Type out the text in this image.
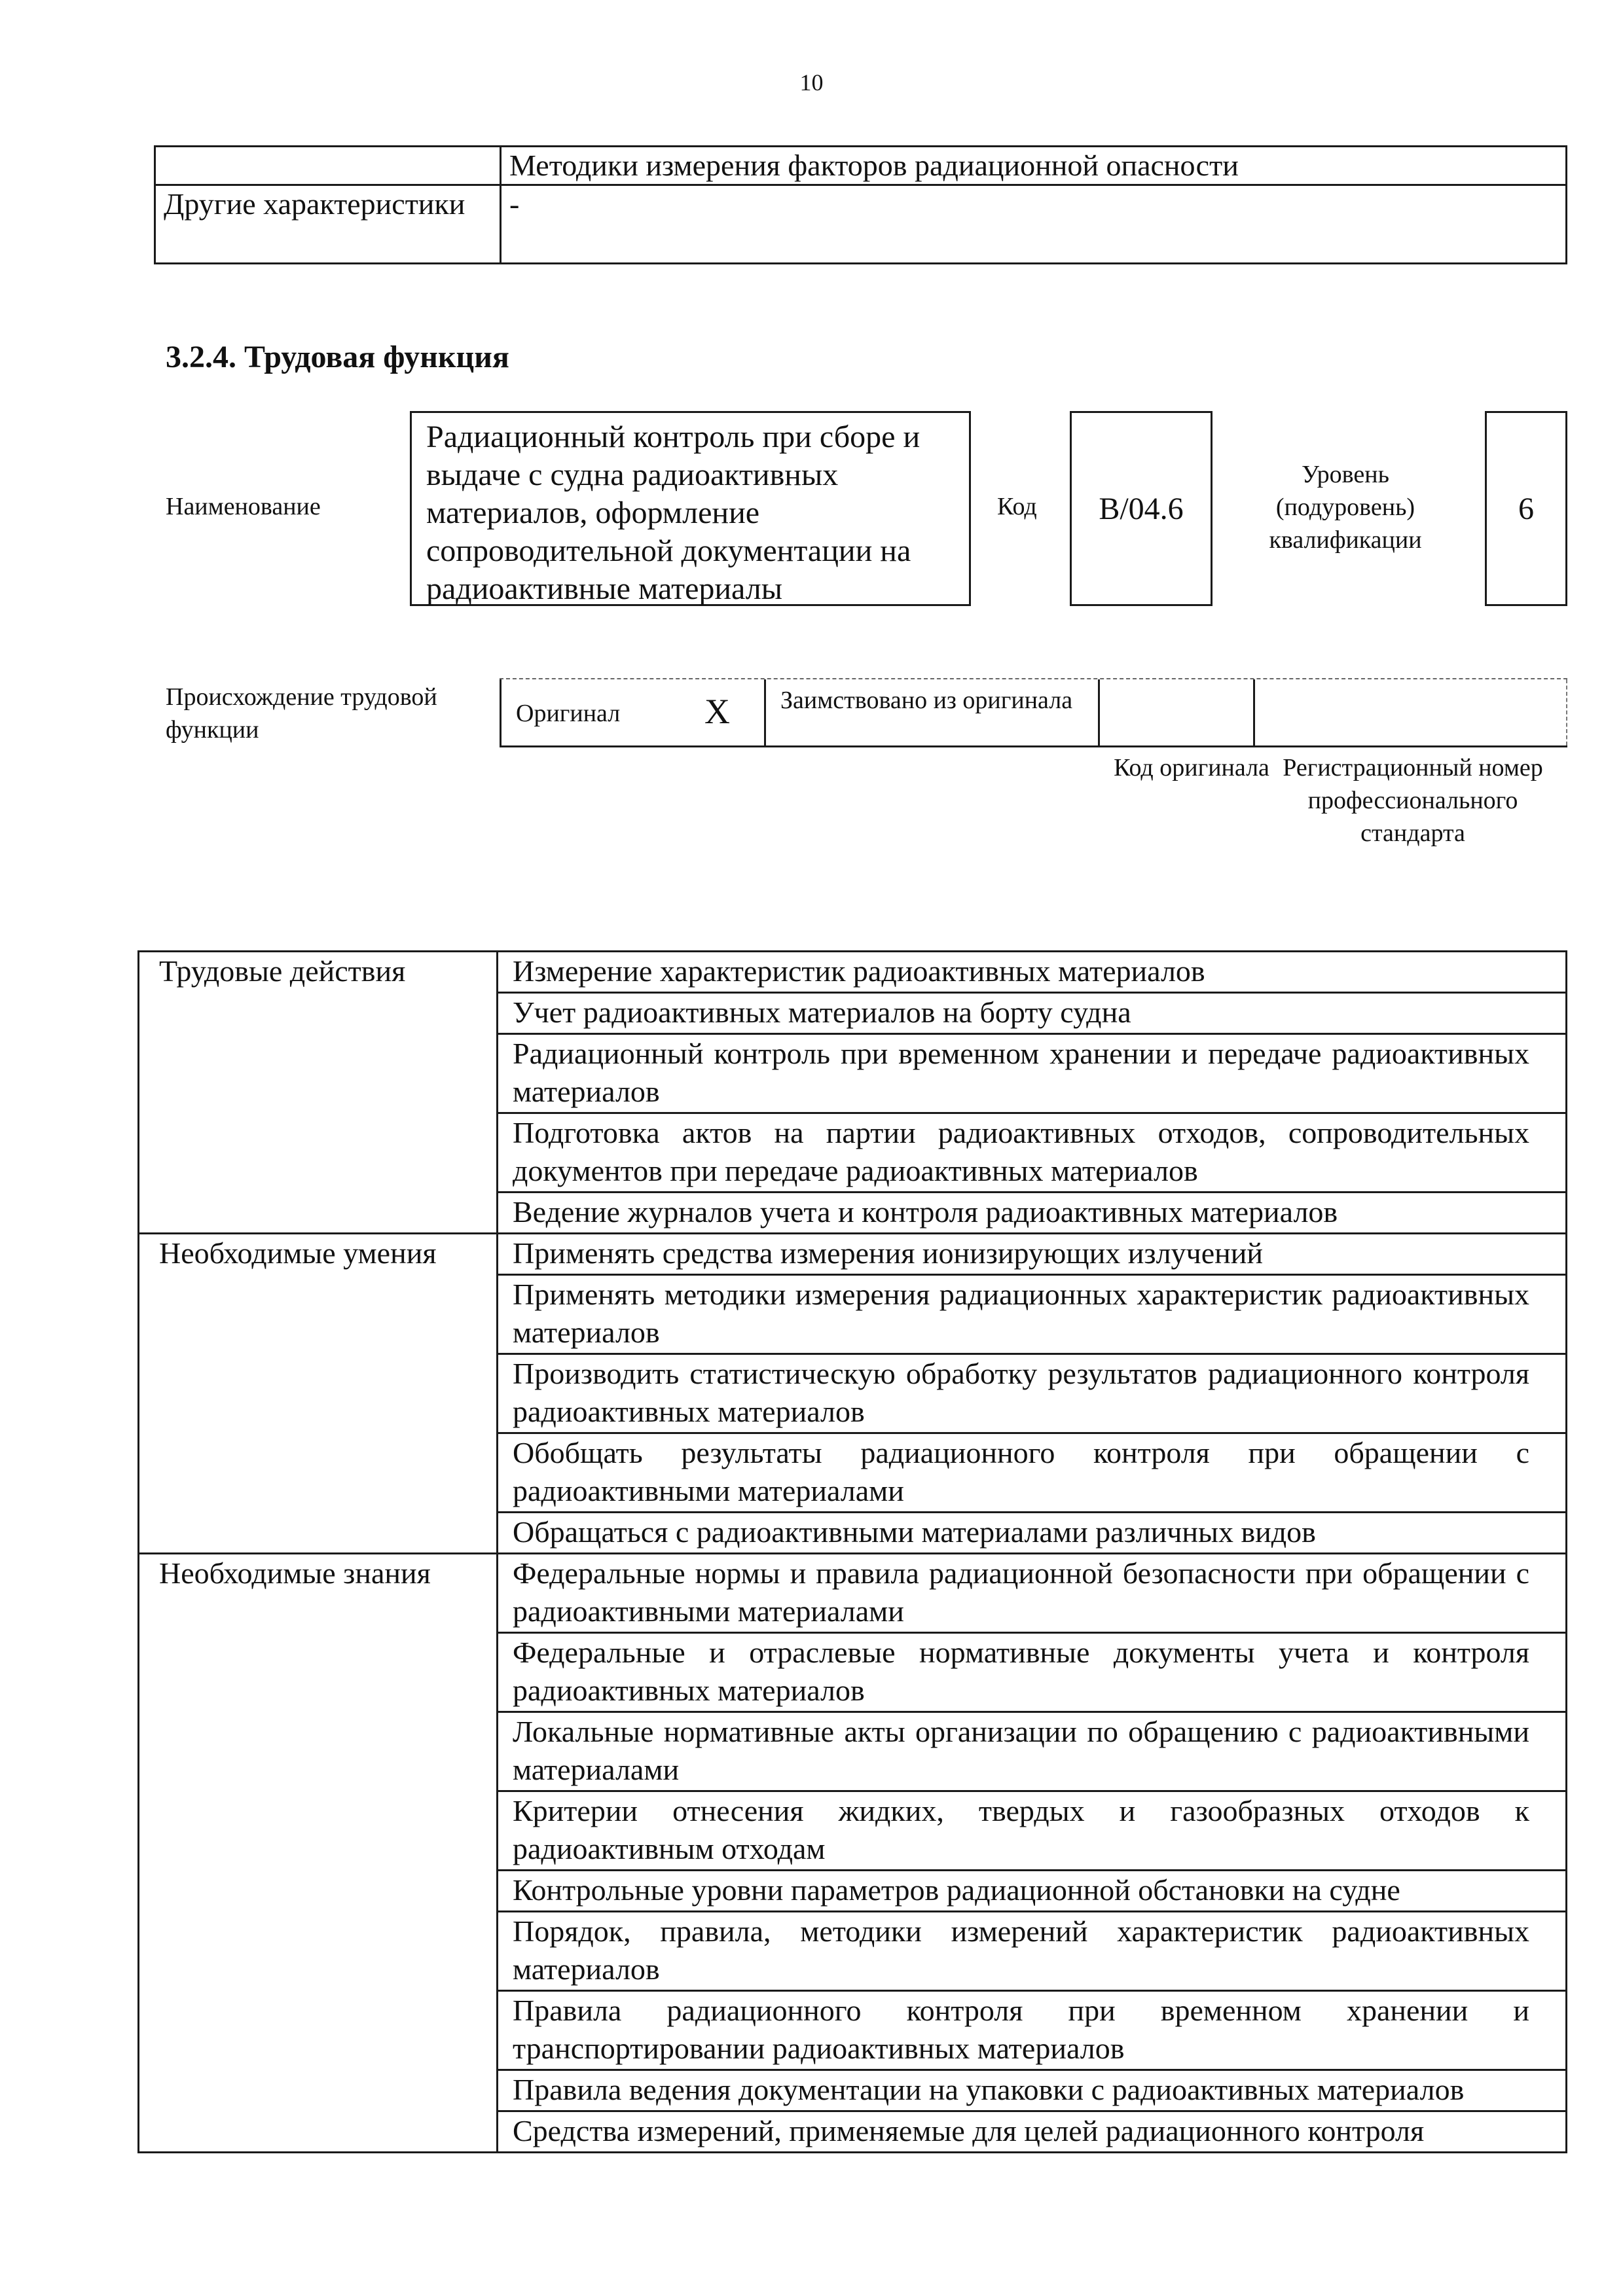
10
	Методики измерения факторов радиационной опасности
Другие характеристики	-
3.2.4. Трудовая функция
Наименование
Радиационный контроль при сборе и выдаче с судна радиоактивных материалов, оформление сопроводительной документации на радиоактивные материалы
Код В/04.6
Уровень (подуровень) квалификации
6
Происхождение трудовой функции
Оригинал X Заимствовано из оригинала
Код оригинала Регистрационный номер профессионального стандарта
Трудовые действия	Измерение характеристик радиоактивных материалов
	Учет радиоактивных материалов на борту судна
	Радиационный контроль при временном хранении и передаче радиоактивных материалов
	Подготовка актов на партии радиоактивных отходов, сопроводительных документов при передаче радиоактивных материалов
	Ведение журналов учета и контроля радиоактивных материалов
Необходимые умения	Применять средства измерения ионизирующих излучений
	Применять методики измерения радиационных характеристик радиоактивных материалов
	Производить статистическую обработку результатов радиационного контроля радиоактивных материалов
	Обобщать результаты радиационного контроля при обращении с радиоактивными материалами
	Обращаться с радиоактивными материалами различных видов
Необходимые знания	Федеральные нормы и правила радиационной безопасности при обращении с радиоактивными материалами
	Федеральные и отраслевые нормативные документы учета и контроля радиоактивных материалов
	Локальные нормативные акты организации по обращению с радиоактивными материалами
	Критерии отнесения жидких, твердых и газообразных отходов к радиоактивным отходам
	Контрольные уровни параметров радиационной обстановки на судне
	Порядок, правила, методики измерений характеристик радиоактивных материалов
	Правила радиационного контроля при временном хранении и транспортировании радиоактивных материалов
	Правила ведения документации на упаковки с радиоактивных материалов
	Средства измерений, применяемые для целей радиационного контроля
